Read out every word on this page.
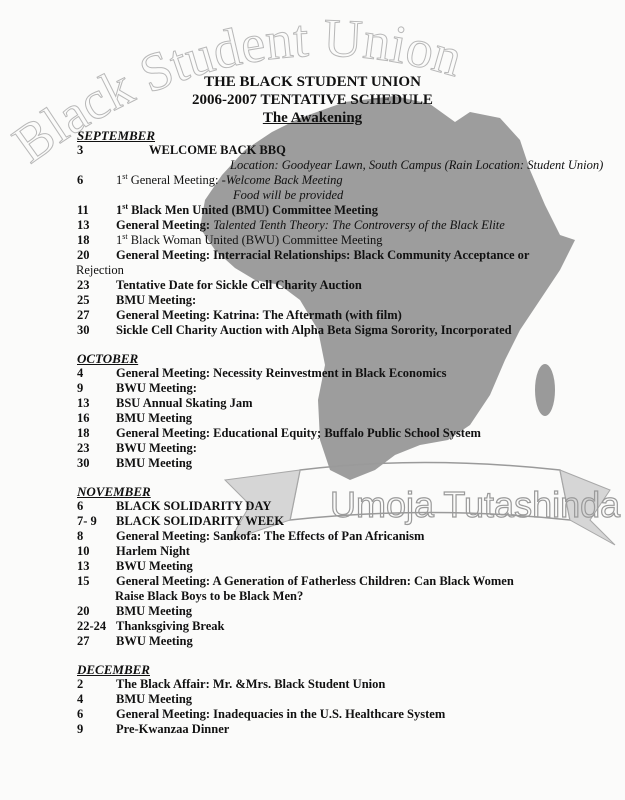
Black Student Union
Umoja Tutashinda
THE BLACK STUDENT UNION
2006-2007 TENTATIVE SCHEDULE
The Awakening
SEPTEMBER
3	WELCOME BACK BBQ
Location: Goodyear Lawn, South Campus (Rain Location: Student Union)
6	1st General Meeting: -Welcome Back Meeting
Food will be provided
11	1st Black Men United (BMU) Committee Meeting
13	General Meeting: Talented Tenth Theory: The Controversy of the Black Elite
18	1st Black Woman United (BWU) Committee Meeting
20	General Meeting: Interracial Relationships: Black Community Acceptance or
Rejection
23	Tentative Date for Sickle Cell Charity Auction
25	BMU Meeting:
27	General Meeting: Katrina: The Aftermath (with film)
30	Sickle Cell Charity Auction with Alpha Beta Sigma Sorority, Incorporated
OCTOBER
4	General Meeting: Necessity Reinvestment in Black Economics
9	BWU Meeting:
13	BSU Annual Skating Jam
16	BMU Meeting
18	General Meeting: Educational Equity; Buffalo Public School System
23	BWU Meeting:
30	BMU Meeting
NOVEMBER
6	BLACK SOLIDARITY DAY
7- 9	BLACK SOLIDARITY WEEK
8	General Meeting: Sankofa: The Effects of Pan Africanism
10	Harlem Night
13	BWU Meeting
15	General Meeting: A Generation of Fatherless Children: Can Black Women
Raise Black Boys to be Black Men?
20	BMU Meeting
22-24 Thanksgiving Break
27	BWU Meeting
DECEMBER
2	The Black Affair: Mr. &Mrs. Black Student Union
4	BMU Meeting
6	General Meeting: Inadequacies in the U.S. Healthcare System
9	Pre-Kwanzaa Dinner
